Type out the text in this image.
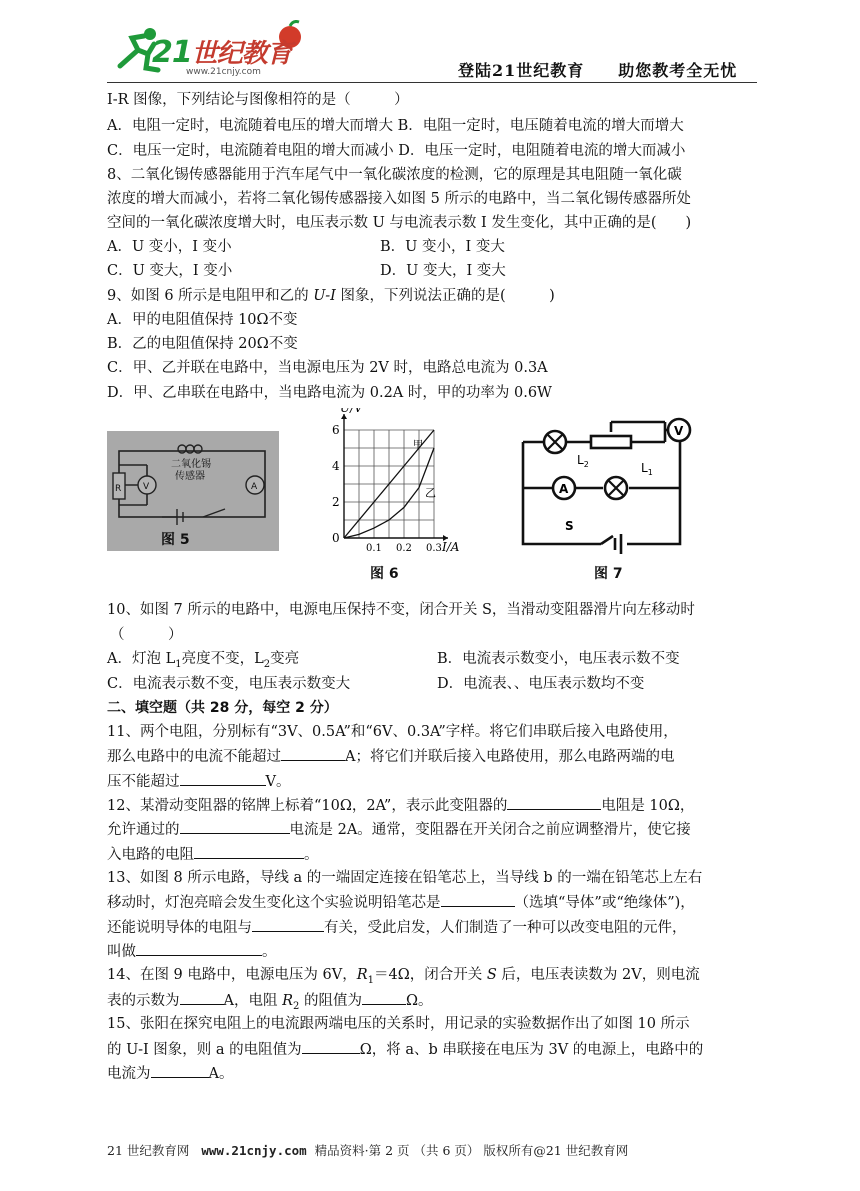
21世纪教育
www.21cnjy.com	登陆21世纪教育　　助您教考全无忧
I-R 图像，下列结论与图像相符的是（　　　）
A．电阻一定时，电流随着电压的增大而增大 B．电阻一定时，电压随着电流的增大而增大
C．电压一定时，电流随着电阻的增大而减小 D．电压一定时，电阻随着电流的增大而减小
8、二氧化锡传感器能用于汽车尾气中一氧化碳浓度的检测，它的原理是其电阻随一氧化碳
浓度的增大而减小，若将二氧化锡传感器接入如图 5 所示的电路中，当二氧化锡传感器所处
空间的一氧化碳浓度增大时，电压表示数 U 与电流表示数 I 发生变化，其中正确的是(　　)
A．U 变小，I 变小	B．U 变小，I 变大
C．U 变大，I 变小	D．U 变大，I 变大
9、如图 6 所示是电阻甲和乙的 U-I 图象，下列说法正确的是(　　　)
A．甲的电阻值保持 10Ω不变
B．乙的电阻值保持 20Ω不变
C．甲、乙并联在电路中，当电源电压为 2V 时，电路总电流为 0.3A
D．甲、乙串联在电路中，当电路电流为 0.2A 时，甲的功率为 0.6W
R V	A
二氧化锡
传感器
图 5	0
2
4
6
0.1 0.2 0.3
U/V
I/A
甲
乙
图 6
V
A
$L_2$	$L_1$
S
图 7
10、如图 7 所示的电路中，电源电压保持不变，闭合开关 S，当滑动变阻器滑片向左移动时
（　　　）
A．灯泡 $L_1$亮度不变，$L_2$变亮	B．电流表示数变小，电压表示数不变
C．电流表示数不变，电压表示数变大	D．电流表、、电压表示数均不变
二、填空题（共 28 分，每空 2 分）
11、两个电阻，分别标有“3V、0.5A”和“6V、0.3A”字样。将它们串联后接入电路使用，
那么电路中的电流不能超过	A；将它们并联后接入电路使用，那么电路两端的电
压不能超过	V。
12、某滑动变阻器的铭牌上标着“10Ω，2A”，表示此变阻器的	电阻是 10Ω，
允许通过的	电流是 2A。通常，变阻器在开关闭合之前应调整滑片，使它接
入电路的电阻	。
13、如图 8 所示电路，导线 a 的一端固定连接在铅笔芯上，当导线 b 的一端在铅笔芯上左右
移动时，灯泡亮暗会发生变化这个实验说明铅笔芯是	（选填“导体”或“绝缘体”)，
还能说明导体的电阻与	有关，受此启发，人们制造了一种可以改变电阻的元件，
叫做	。
14、在图 9 电路中，电源电压为 6V，$R_1=4\Omega$，闭合开关 S 后，电压表读数为 2V，则电流
表的示数为	A，电阻 $R_2$ 的阻值为	Ω。
15、张阳在探究电阻上的电流跟两端电压的关系时，用记录的实验数据作出了如图 10 所示
的 U-I 图象，则 a 的电阻值为	Ω，将 a、b 串联接在电压为 3V 的电源上，电路中的
电流为	A。
21 世纪教育网 www.21cnjy.com 精品资料·第 2 页 （共 6 页） 版权所有@21 世纪教育网
